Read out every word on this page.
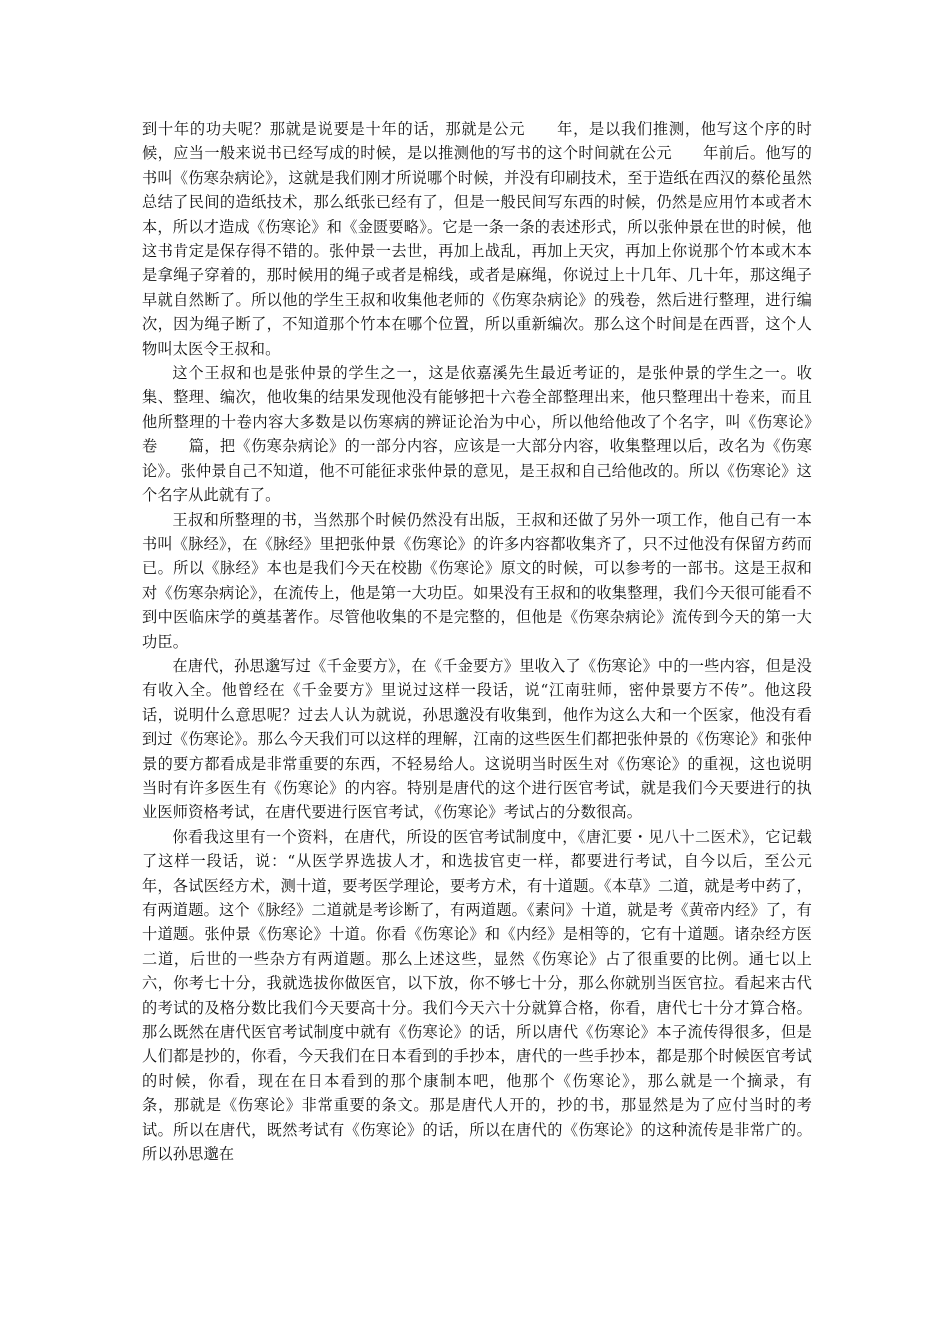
到十年的功夫呢？那就是说要是十年的话，那就是公元　　年，是以我们推测，他写这个序的时候，应当一般来说书已经写成的时候，是以推测他的写书的这个时间就在公元　　年前后。他写的书叫《伤寒杂病论》，这就是我们刚才所说哪个时候，并没有印刷技术，至于造纸在西汉的蔡伦虽然总结了民间的造纸技术，那么纸张已经有了，但是一般民间写东西的时候，仍然是应用竹本或者木本，所以才造成《伤寒论》和《金匮要略》。它是一条一条的表述形式，所以张仲景在世的时候，他这书肯定是保存得不错的。张仲景一去世，再加上战乱，再加上天灾，再加上你说那个竹本或木本是拿绳子穿着的，那时候用的绳子或者是棉线，或者是麻绳，你说过上十几年、几十年，那这绳子早就自然断了。所以他的学生王叔和收集他老师的《伤寒杂病论》的残卷，然后进行整理，进行编次，因为绳子断了，不知道那个竹本在哪个位置，所以重新编次。那么这个时间是在西晋，这个人物叫太医令王叔和。

这个王叔和也是张仲景的学生之一，这是依嘉溪先生最近考证的，是张仲景的学生之一。收集、整理、编次，他收集的结果发现他没有能够把十六卷全部整理出来，他只整理出十卷来，而且他所整理的十卷内容大多数是以伤寒病的辨证论治为中心，所以他给他改了个名字，叫《伤寒论》　　卷　　篇，把《伤寒杂病论》的一部分内容，应该是一大部分内容，收集整理以后，改名为《伤寒论》。张仲景自己不知道，他不可能征求张仲景的意见，是王叔和自己给他改的。所以《伤寒论》这个名字从此就有了。

王叔和所整理的书，当然那个时候仍然没有出版，王叔和还做了另外一项工作，他自己有一本书叫《脉经》，在《脉经》里把张仲景《伤寒论》的许多内容都收集齐了，只不过他没有保留方药而已。所以《脉经》本也是我们今天在校勘《伤寒论》原文的时候，可以参考的一部书。这是王叔和对《伤寒杂病论》，在流传上，他是第一大功臣。如果没有王叔和的收集整理，我们今天很可能看不到中医临床学的奠基著作。尽管他收集的不是完整的，但他是《伤寒杂病论》流传到今天的第一大功臣。

在唐代，孙思邈写过《千金要方》，在《千金要方》里收入了《伤寒论》中的一些内容，但是没有收入全。他曾经在《千金要方》里说过这样一段话，说“江南驻师，密仲景要方不传”。他这段话，说明什么意思呢？过去人认为就说，孙思邈没有收集到，他作为这么大和一个医家，他没有看到过《伤寒论》。那么今天我们可以这样的理解，江南的这些医生们都把张仲景的《伤寒论》和张仲景的要方都看成是非常重要的东西，不轻易给人。这说明当时医生对《伤寒论》的重视，这也说明当时有许多医生有《伤寒论》的内容。特别是唐代的这个进行医官考试，就是我们今天要进行的执业医师资格考试，在唐代要进行医官考试，《伤寒论》考试占的分数很高。

你看我这里有一个资料，在唐代，所设的医官考试制度中，《唐汇要・见八十二医术》，它记载了这样一段话，说：“从医学界选拔人才，和选拔官吏一样，都要进行考试，自今以后，至公元　　年，各试医经方术，测十道，要考医学理论，要考方术，有十道题。《本草》二道，就是考中药了，有两道题。这个《脉经》二道就是考诊断了，有两道题。《素问》十道，就是考《黄帝内经》了，有十道题。张仲景《伤寒论》十道。你看《伤寒论》和《内经》是相等的，它有十道题。诸杂经方医二道，后世的一些杂方有两道题。那么上述这些，显然《伤寒论》占了很重要的比例。通七以上六，你考七十分，我就选拔你做医官，以下放，你不够七十分，那么你就别当医官拉。看起来古代的考试的及格分数比我们今天要高十分。我们今天六十分就算合格，你看，唐代七十分才算合格。那么既然在唐代医官考试制度中就有《伤寒论》的话，所以唐代《伤寒论》本子流传得很多，但是人们都是抄的，你看，今天我们在日本看到的手抄本，唐代的一些手抄本，都是那个时候医官考试的时候，你看，现在在日本看到的那个康制本吧，他那个《伤寒论》，那么就是一个摘录，有　　条，那就是《伤寒论》非常重要的条文。那是唐代人开的，抄的书，那显然是为了应付当时的考试。所以在唐代，既然考试有《伤寒论》的话，所以在唐代的《伤寒论》的这种流传是非常广的。所以孙思邈在
